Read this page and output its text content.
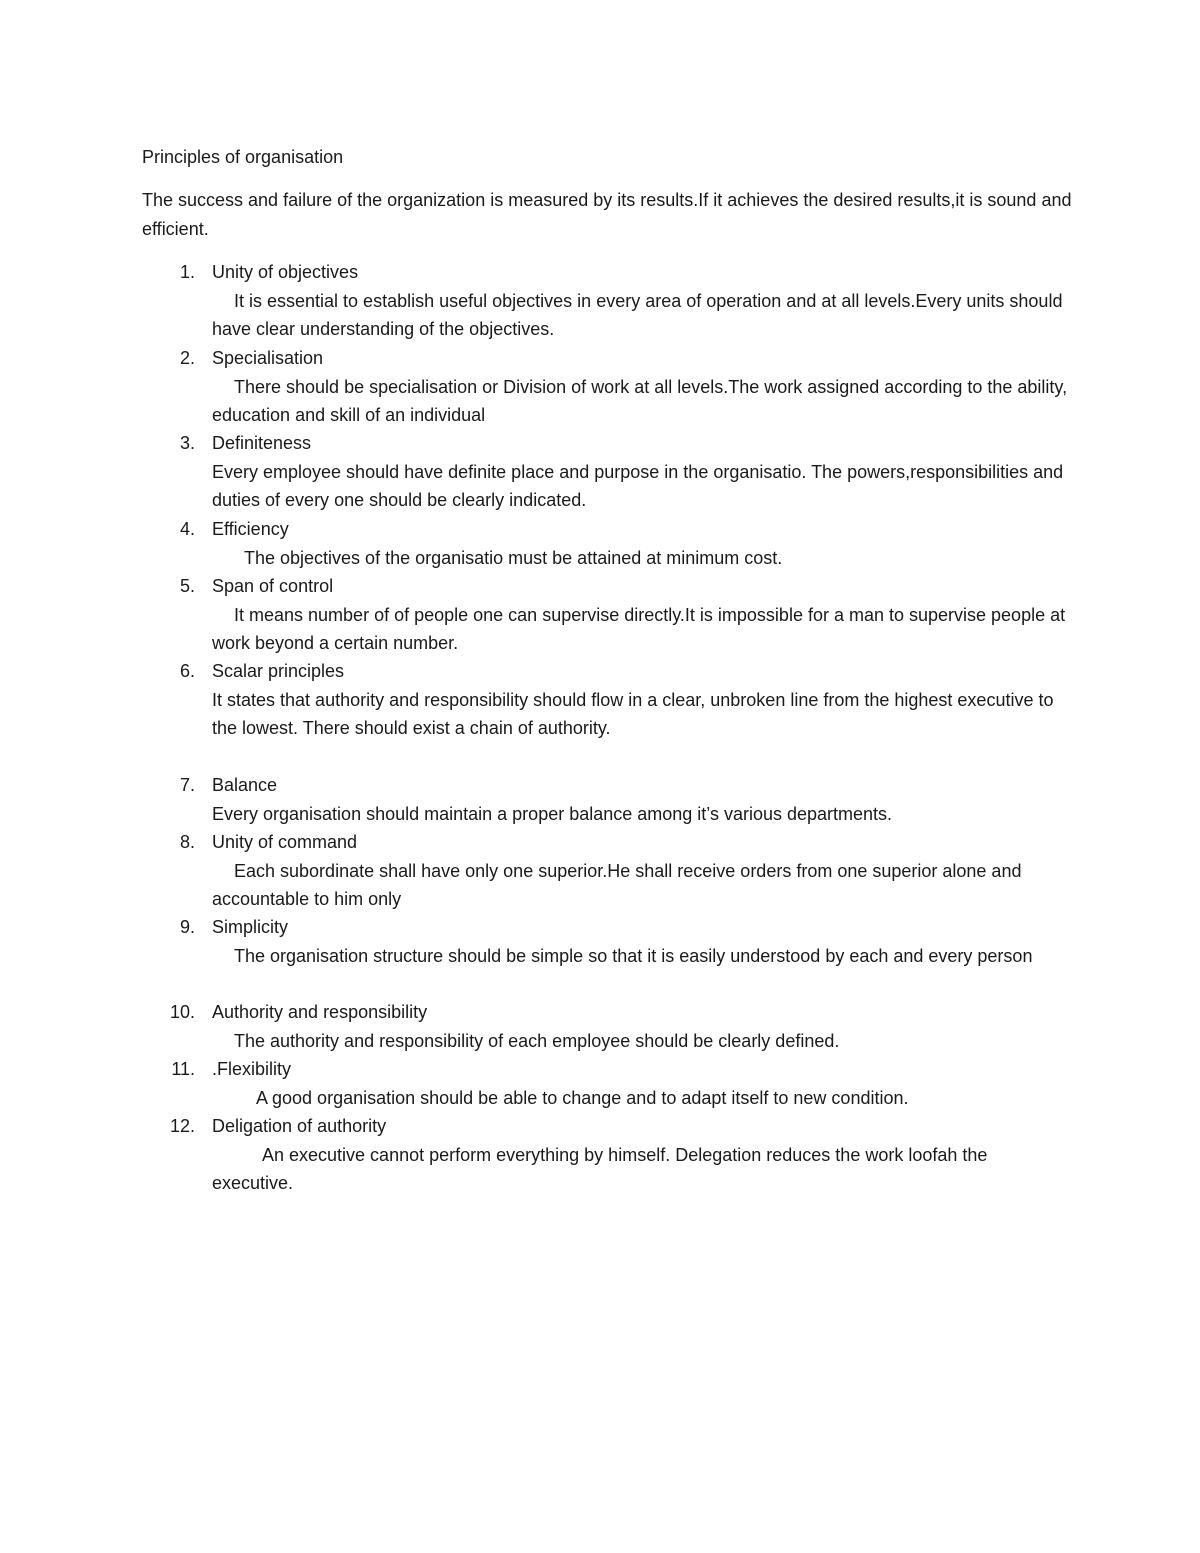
Principles of organisation

The success and failure of the organization is measured by its results.If it achieves the desired results,it is sound and efficient.

1. Unity of objectives

It is essential to establish useful objectives in every area of operation and at all levels.Every units should have clear understanding of the objectives.

2. Specialisation

There should be specialisation or Division of work at all levels.The work assigned according to the ability, education and skill of an individual

3. Definiteness

Every employee should have definite place and purpose in the organisatio. The powers,responsibilities and duties of every one should be clearly indicated.

4. Efficiency

The objectives of the organisatio must be attained at minimum cost.

5. Span of control

It means number of of people one can supervise directly.It is impossible for a man to supervise people at work beyond a certain number.

6. Scalar principles

It states that authority and responsibility should flow in a clear, unbroken line from the highest executive to the lowest. There should exist a chain of authority.

7. Balance

Every organisation should maintain a proper balance among it’s various departments.

8. Unity of command

Each subordinate shall have only one superior.He shall receive orders from one superior alone and accountable to him only

9. Simplicity

The organisation structure should be simple so that it is easily understood by each and every person

10. Authority and responsibility

The authority and responsibility of each employee should be clearly defined.

11. .Flexibility

A good organisation should be able to change and to adapt itself to new condition.

12. Deligation of authority

An executive cannot perform everything by himself. Delegation reduces the work loofah the executive.
